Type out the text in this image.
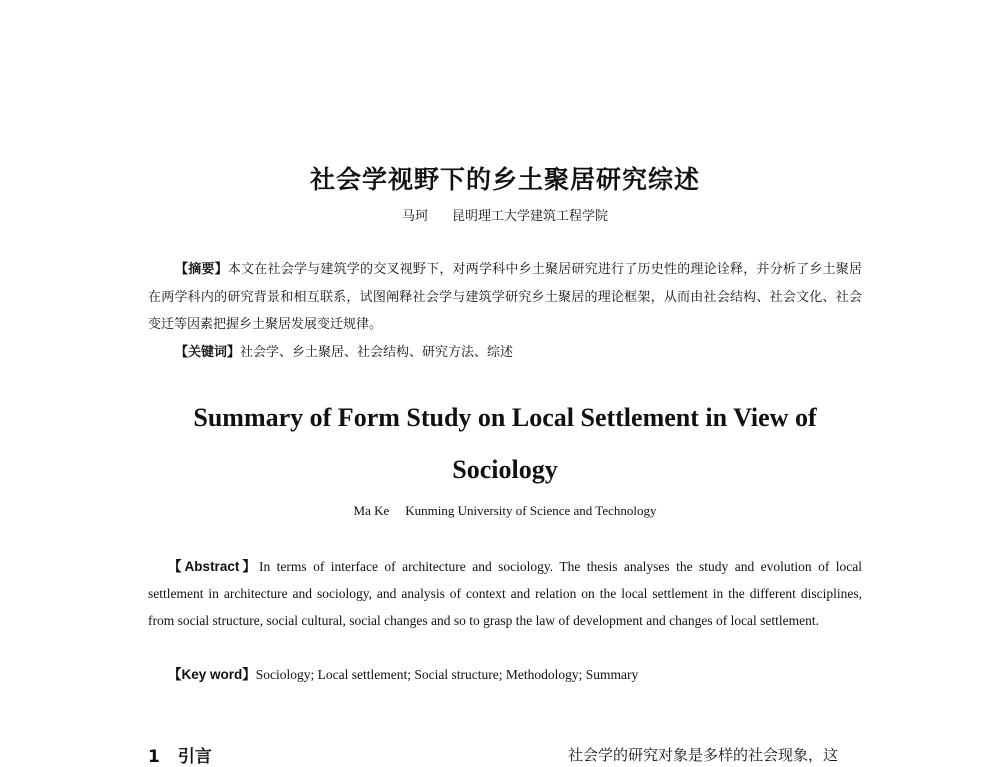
社会学视野下的乡土聚居研究综述
马珂 昆明理工大学建筑工程学院
【摘要】本文在社会学与建筑学的交叉视野下，对两学科中乡土聚居研究进行了历史性的理论诠释，并分析了乡土聚居在两学科内的研究背景和相互联系，试图阐释社会学与建筑学研究乡土聚居的理论框架，从而由社会结构、社会文化、社会变迁等因素把握乡土聚居发展变迁规律。
【关键词】社会学、乡土聚居、社会结构、研究方法、综述
Summary of Form Study on Local Settlement in View of
Sociology
Ma Ke Kunming University of Science and Technology
【Abstract】In terms of interface of architecture and sociology. The thesis analyses the study and evolution of local settlement in architecture and sociology, and analysis of context and relation on the local settlement in the different disciplines, from social structure, social cultural, social changes and so to grasp the law of development and changes of local settlement.
【Key word】Sociology; Local settlement; Social structure; Methodology; Summary
1 引言	社会学的研究对象是多样的社会现象，这
